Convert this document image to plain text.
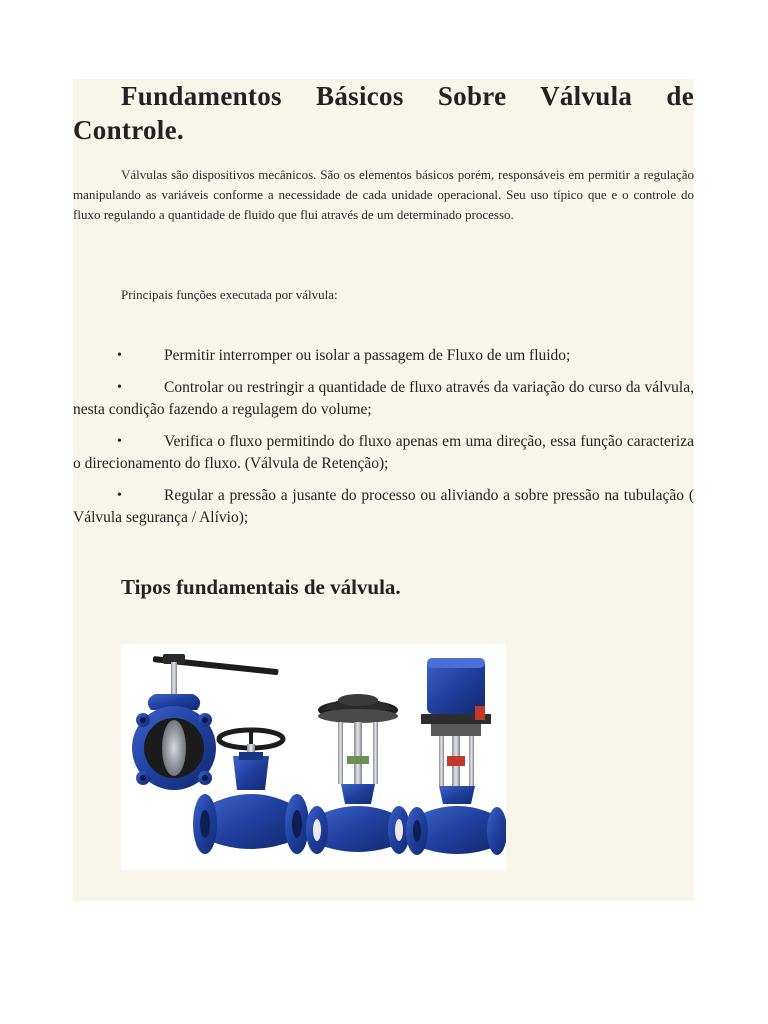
Fundamentos Básicos Sobre Válvula de Controle.

Válvulas são dispositivos mecânicos. São os elementos básicos porém, responsáveis em permitir a regulação manipulando as variáveis conforme a necessidade de cada unidade operacional. Seu uso típico que e o controle do fluxo regulando a quantidade de fluido que flui através de um determinado processo.

Principais funções executada por válvula:

•	Permitir interromper ou isolar a passagem de Fluxo de um fluido;

•	Controlar ou restringir a quantidade de fluxo através da variação do curso da válvula, nesta condição fazendo a regulagem do volume;

•	Verifica o fluxo permitindo do fluxo apenas em uma direção, essa função caracteriza o direcionamento do fluxo. (Válvula de Retenção);

•	Regular a pressão a jusante do processo ou aliviando a sobre pressão na tubulação ( Válvula segurança / Alívio);

Tipos fundamentais de válvula.
